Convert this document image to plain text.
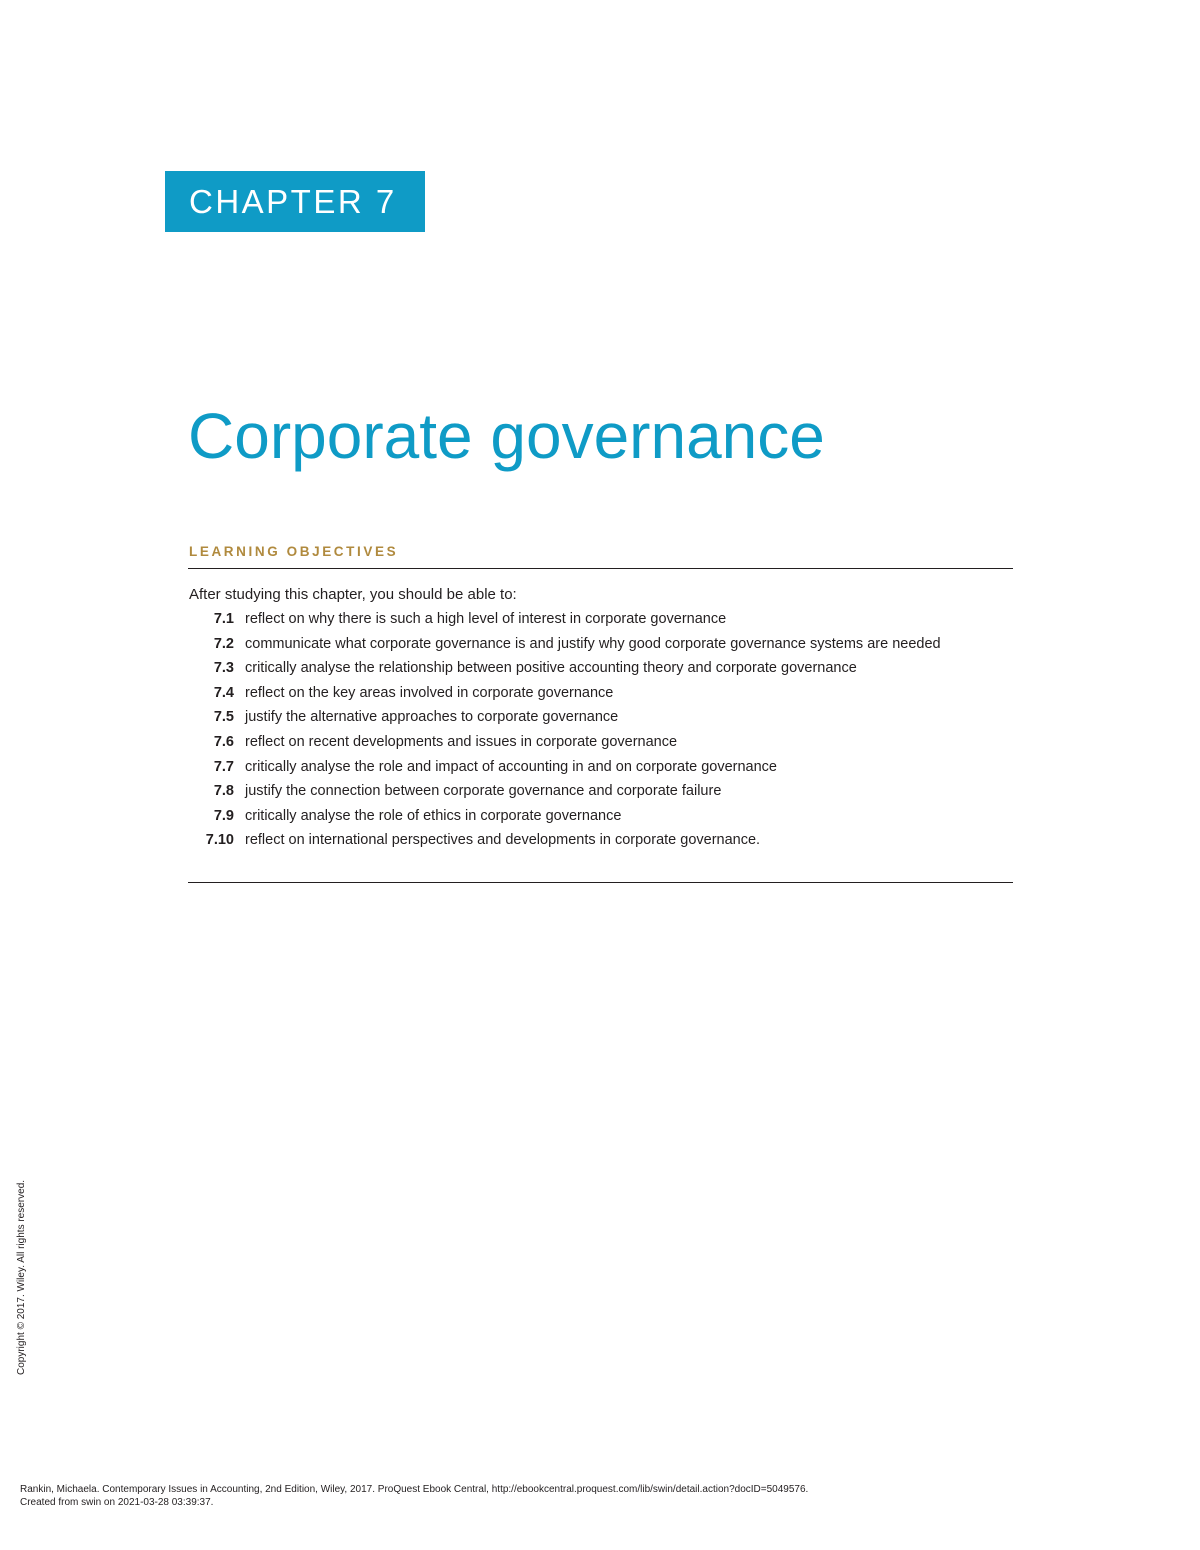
CHAPTER 7
Corporate governance
LEARNING OBJECTIVES

After studying this chapter, you should be able to:

7.1 reflect on why there is such a high level of interest in corporate governance
7.2 communicate what corporate governance is and justify why good corporate governance systems are needed
7.3 critically analyse the relationship between positive accounting theory and corporate governance
7.4 reflect on the key areas involved in corporate governance
7.5 justify the alternative approaches to corporate governance
7.6 reflect on recent developments and issues in corporate governance
7.7 critically analyse the role and impact of accounting in and on corporate governance
7.8 justify the connection between corporate governance and corporate failure
7.9 critically analyse the role of ethics in corporate governance
7.10 reflect on international perspectives and developments in corporate governance.
Copyright © 2017. Wiley. All rights reserved.
Rankin, Michaela. Contemporary Issues in Accounting, 2nd Edition, Wiley, 2017. ProQuest Ebook Central, http://ebookcentral.proquest.com/lib/swin/detail.action?docID=5049576.
Created from swin on 2021-03-28 03:39:37.
